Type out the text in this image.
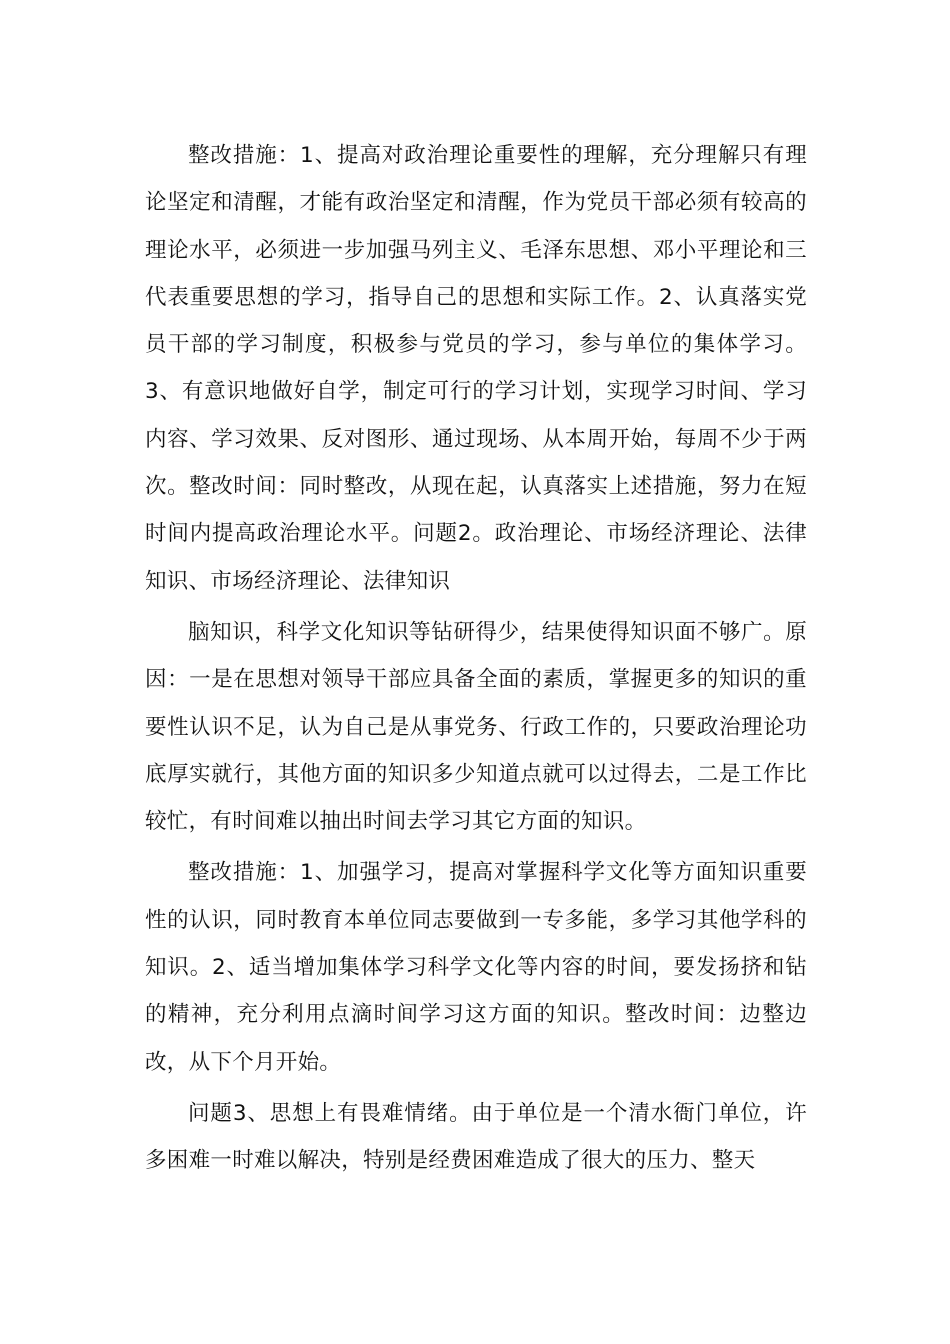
整改措施：1、提高对政治理论重要性的理解，充分理解只有理论坚定和清醒，才能有政治坚定和清醒，作为党员干部必须有较高的理论水平，必须进一步加强马列主义、毛泽东思想、邓小平理论和三代表重要思想的学习，指导自己的思想和实际工作。2、认真落实党员干部的学习制度，积极参与党员的学习，参与单位的集体学习。3、有意识地做好自学，制定可行的学习计划，实现学习时间、学习内容、学习效果、反对图形、通过现场、从本周开始，每周不少于两次。整改时间：同时整改，从现在起，认真落实上述措施，努力在短时间内提高政治理论水平。问题2。政治理论、市场经济理论、法律知识、市场经济理论、法律知识

脑知识，科学文化知识等钻研得少，结果使得知识面不够广。原因：一是在思想对领导干部应具备全面的素质，掌握更多的知识的重要性认识不足，认为自己是从事党务、行政工作的，只要政治理论功底厚实就行，其他方面的知识多少知道点就可以过得去，二是工作比较忙，有时间难以抽出时间去学习其它方面的知识。

整改措施：1、加强学习，提高对掌握科学文化等方面知识重要性的认识，同时教育本单位同志要做到一专多能，多学习其他学科的知识。2、适当增加集体学习科学文化等内容的时间，要发扬挤和钻的精神，充分利用点滴时间学习这方面的知识。整改时间：边整边改，从下个月开始。

问题3、思想上有畏难情绪。由于单位是一个清水衙门单位，许多困难一时难以解决，特别是经费困难造成了很大的压力、整天
